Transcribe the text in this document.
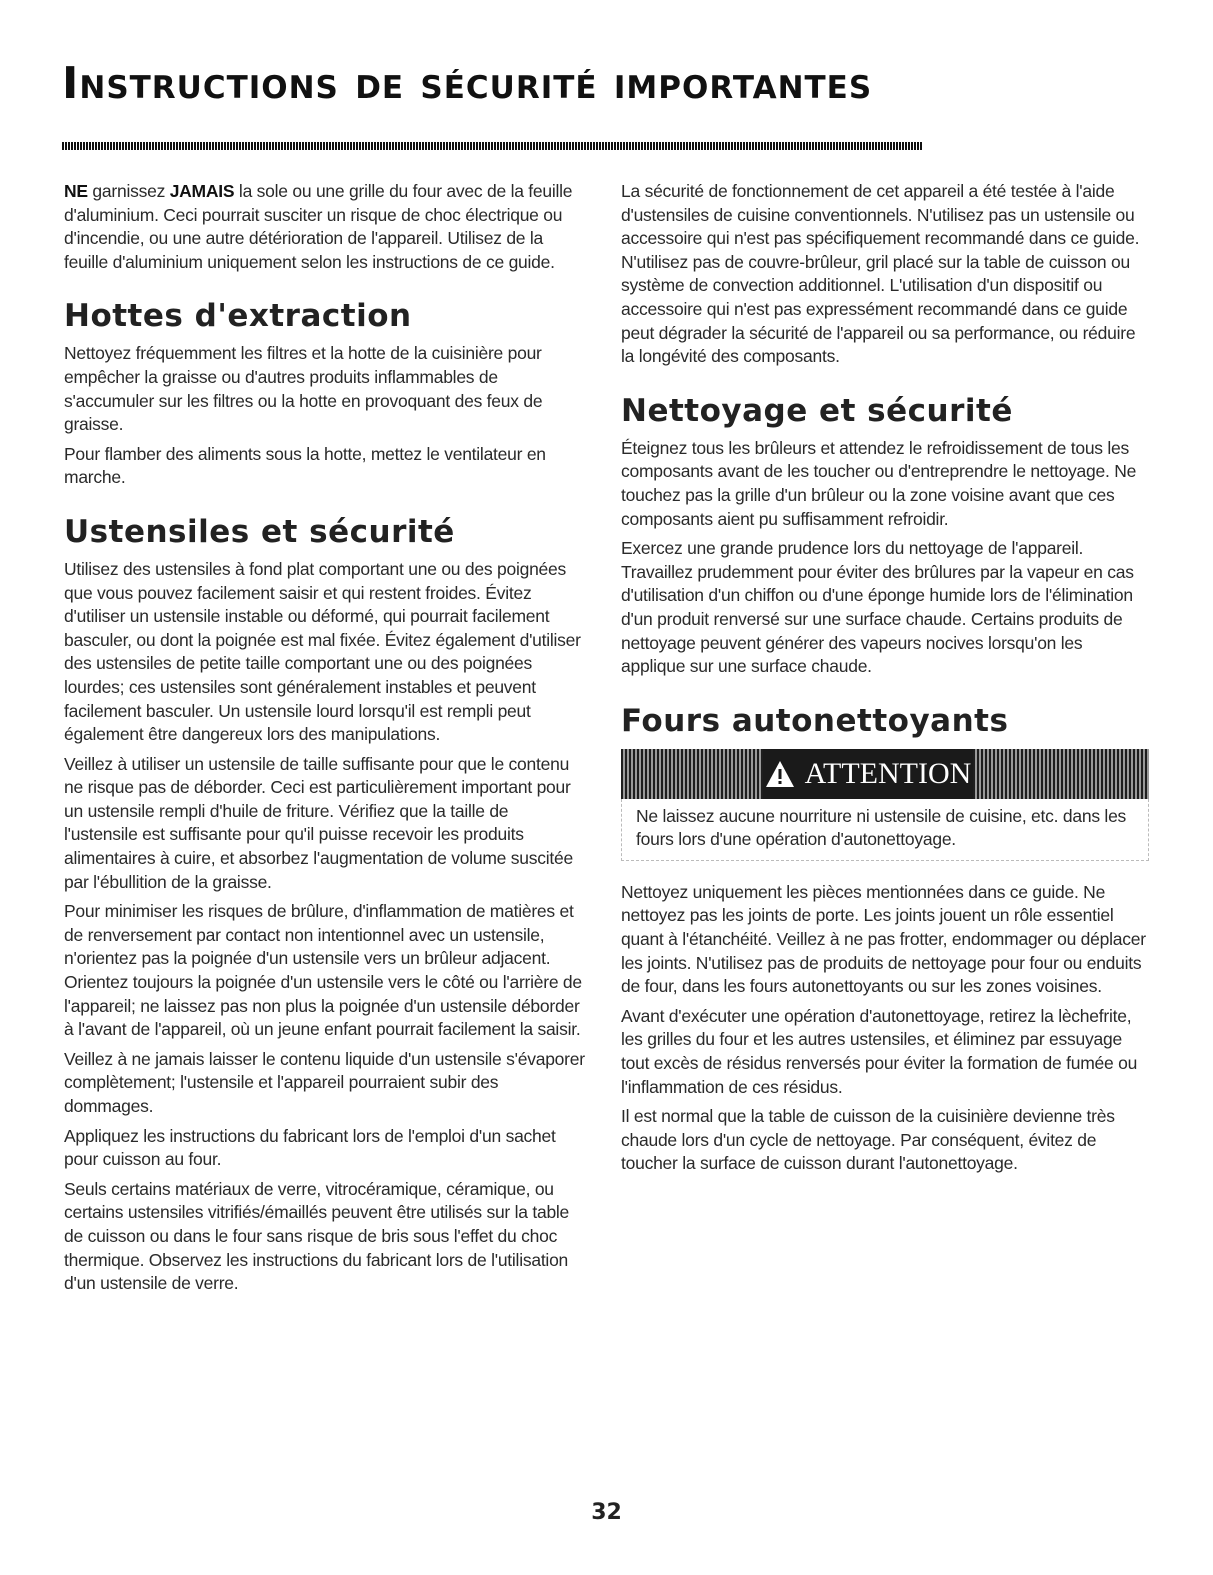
Instructions de sécurité importantes

NE garnissez JAMAIS la sole ou une grille du four avec de la feuille d'aluminium. Ceci pourrait susciter un risque de choc électrique ou d'incendie, ou une autre détérioration de l'appareil. Utilisez de la feuille d'aluminium uniquement selon les instructions de ce guide.

Hottes d'extraction

Nettoyez fréquemment les filtres et la hotte de la cuisinière pour empêcher la graisse ou d'autres produits inflammables de s'accumuler sur les filtres ou la hotte en provoquant des feux de graisse.

Pour flamber des aliments sous la hotte, mettez le ventilateur en marche.

Ustensiles et sécurité

Utilisez des ustensiles à fond plat comportant une ou des poignées que vous pouvez facilement saisir et qui restent froides. Évitez d'utiliser un ustensile instable ou déformé, qui pourrait facilement basculer, ou dont la poignée est mal fixée. Évitez également d'utiliser des ustensiles de petite taille comportant une ou des poignées lourdes; ces ustensiles sont généralement instables et peuvent facilement basculer. Un ustensile lourd lorsqu'il est rempli peut également être dangereux lors des manipulations.

Veillez à utiliser un ustensile de taille suffisante pour que le contenu ne risque pas de déborder. Ceci est particulièrement important pour un ustensile rempli d'huile de friture. Vérifiez que la taille de l'ustensile est suffisante pour qu'il puisse recevoir les produits alimentaires à cuire, et absorbez l'augmentation de volume suscitée par l'ébullition de la graisse.

Pour minimiser les risques de brûlure, d'inflammation de matières et de renversement par contact non intentionnel avec un ustensile, n'orientez pas la poignée d'un ustensile vers un brûleur adjacent. Orientez toujours la poignée d'un ustensile vers le côté ou l'arrière de l'appareil; ne laissez pas non plus la poignée d'un ustensile déborder à l'avant de l'appareil, où un jeune enfant pourrait facilement la saisir.

Veillez à ne jamais laisser le contenu liquide d'un ustensile s'évaporer complètement; l'ustensile et l'appareil pourraient subir des dommages.

Appliquez les instructions du fabricant lors de l'emploi d'un sachet pour cuisson au four.

Seuls certains matériaux de verre, vitrocéramique, céramique, ou certains ustensiles vitrifiés/émaillés peuvent être utilisés sur la table de cuisson ou dans le four sans risque de bris sous l'effet du choc thermique. Observez les instructions du fabricant lors de l'utilisation d'un ustensile de verre.

La sécurité de fonctionnement de cet appareil a été testée à l'aide d'ustensiles de cuisine conventionnels. N'utilisez pas un ustensile ou accessoire qui n'est pas spécifiquement recommandé dans ce guide. N'utilisez pas de couvre-brûleur, gril placé sur la table de cuisson ou système de convection additionnel. L'utilisation d'un dispositif ou accessoire qui n'est pas expressément recommandé dans ce guide peut dégrader la sécurité de l'appareil ou sa performance, ou réduire la longévité des composants.

Nettoyage et sécurité

Éteignez tous les brûleurs et attendez le refroidissement de tous les composants avant de les toucher ou d'entreprendre le nettoyage. Ne touchez pas la grille d'un brûleur ou la zone voisine avant que ces composants aient pu suffisamment refroidir.

Exercez une grande prudence lors du nettoyage de l'appareil. Travaillez prudemment pour éviter des brûlures par la vapeur en cas d'utilisation d'un chiffon ou d'une éponge humide lors de l'élimination d'un produit renversé sur une surface chaude. Certains produits de nettoyage peuvent générer des vapeurs nocives lorsqu'on les applique sur une surface chaude.

Fours autonettoyants
ATTENTION

Ne laissez aucune nourriture ni ustensile de cuisine, etc. dans les fours lors d'une opération d'autonettoyage.

Nettoyez uniquement les pièces mentionnées dans ce guide. Ne nettoyez pas les joints de porte. Les joints jouent un rôle essentiel quant à l'étanchéité. Veillez à ne pas frotter, endommager ou déplacer les joints. N'utilisez pas de produits de nettoyage pour four ou enduits de four, dans les fours autonettoyants ou sur les zones voisines.

Avant d'exécuter une opération d'autonettoyage, retirez la lèchefrite, les grilles du four et les autres ustensiles, et éliminez par essuyage tout excès de résidus renversés pour éviter la formation de fumée ou l'inflammation de ces résidus.

Il est normal que la table de cuisson de la cuisinière devienne très chaude lors d'un cycle de nettoyage. Par conséquent, évitez de toucher la surface de cuisson durant l'autonettoyage.

32
